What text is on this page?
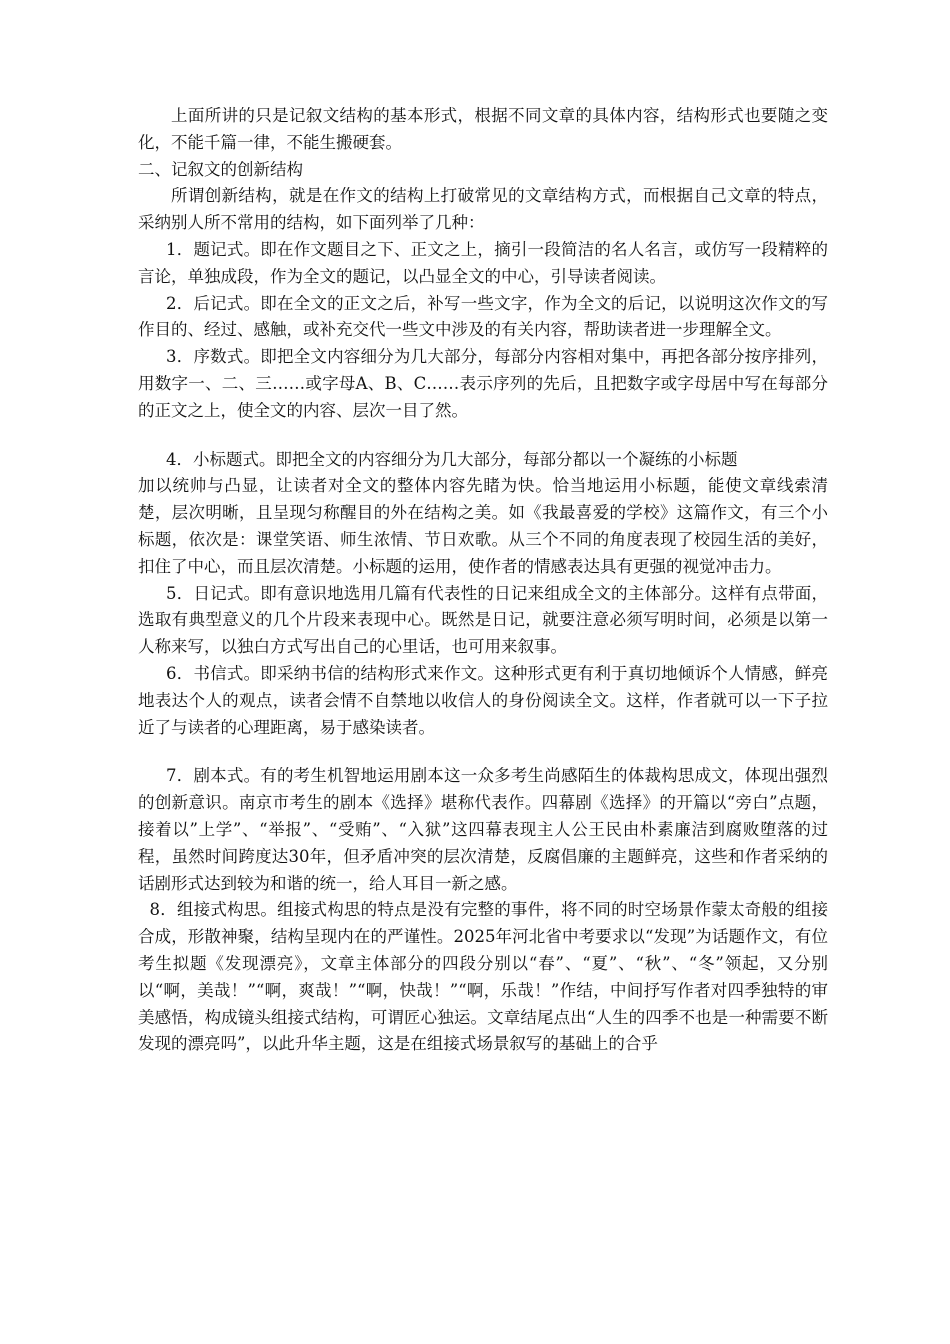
上面所讲的只是记叙文结构的基本形式，根据不同文章的具体内容，结构形式也要随之变化，不能千篇一律，不能生搬硬套。

二、记叙文的创新结构

所谓创新结构，就是在作文的结构上打破常见的文章结构方式，而根据自己文章的特点，采纳别人所不常用的结构，如下面列举了几种：

1．题记式。即在作文题目之下、正文之上，摘引一段简洁的名人名言，或仿写一段精粹的言论，单独成段，作为全文的题记，以凸显全文的中心，引导读者阅读。

2．后记式。即在全文的正文之后，补写一些文字，作为全文的后记，以说明这次作文的写作目的、经过、感触，或补充交代一些文中涉及的有关内容，帮助读者进一步理解全文。

3．序数式。即把全文内容细分为几大部分，每部分内容相对集中，再把各部分按序排列，用数字一、二、三……或字母A、B、C……表示序列的先后，且把数字或字母居中写在每部分的正文之上，使全文的内容、层次一目了然。

4．小标题式。即把全文的内容细分为几大部分，每部分都以一个凝练的小标题

加以统帅与凸显，让读者对全文的整体内容先睹为快。恰当地运用小标题，能使文章线索清楚，层次明晰，且呈现匀称醒目的外在结构之美。如《我最喜爱的学校》这篇作文，有三个小标题，依次是：课堂笑语、师生浓情、节日欢歌。从三个不同的角度表现了校园生活的美好，扣住了中心，而且层次清楚。小标题的运用，使作者的情感表达具有更强的视觉冲击力。

5．日记式。即有意识地选用几篇有代表性的日记来组成全文的主体部分。这样有点带面，选取有典型意义的几个片段来表现中心。既然是日记，就要注意必须写明时间，必须是以第一人称来写，以独白方式写出自己的心里话，也可用来叙事。

6．书信式。即采纳书信的结构形式来作文。这种形式更有利于真切地倾诉个人情感，鲜亮地表达个人的观点，读者会情不自禁地以收信人的身份阅读全文。这样，作者就可以一下子拉近了与读者的心理距离，易于感染读者。

7．剧本式。有的考生机智地运用剧本这一众多考生尚感陌生的体裁构思成文，体现出强烈的创新意识。南京市考生的剧本《选择》堪称代表作。四幕剧《选择》的开篇以“旁白”点题，接着以”上学”、“举报”、“受贿”、“入狱”这四幕表现主人公王民由朴素廉洁到腐败堕落的过程，虽然时间跨度达30年，但矛盾冲突的层次清楚，反腐倡廉的主题鲜亮，这些和作者采纳的话剧形式达到较为和谐的统一，给人耳目一新之感。

8．组接式构思。组接式构思的特点是没有完整的事件，将不同的时空场景作蒙太奇般的组接合成，形散神聚，结构呈现内在的严谨性。2025年河北省中考要求以“发现”为话题作文，有位考生拟题《发现漂亮》，文章主体部分的四段分别以“春”、“夏”、“秋”、“冬”领起，又分别以“啊，美哉！”“啊，爽哉！”“啊，快哉！”“啊，乐哉！”作结，中间抒写作者对四季独特的审美感悟，构成镜头组接式结构，可谓匠心独运。文章结尾点出“人生的四季不也是一种需要不断发现的漂亮吗”，以此升华主题，这是在组接式场景叙写的基础上的合乎
